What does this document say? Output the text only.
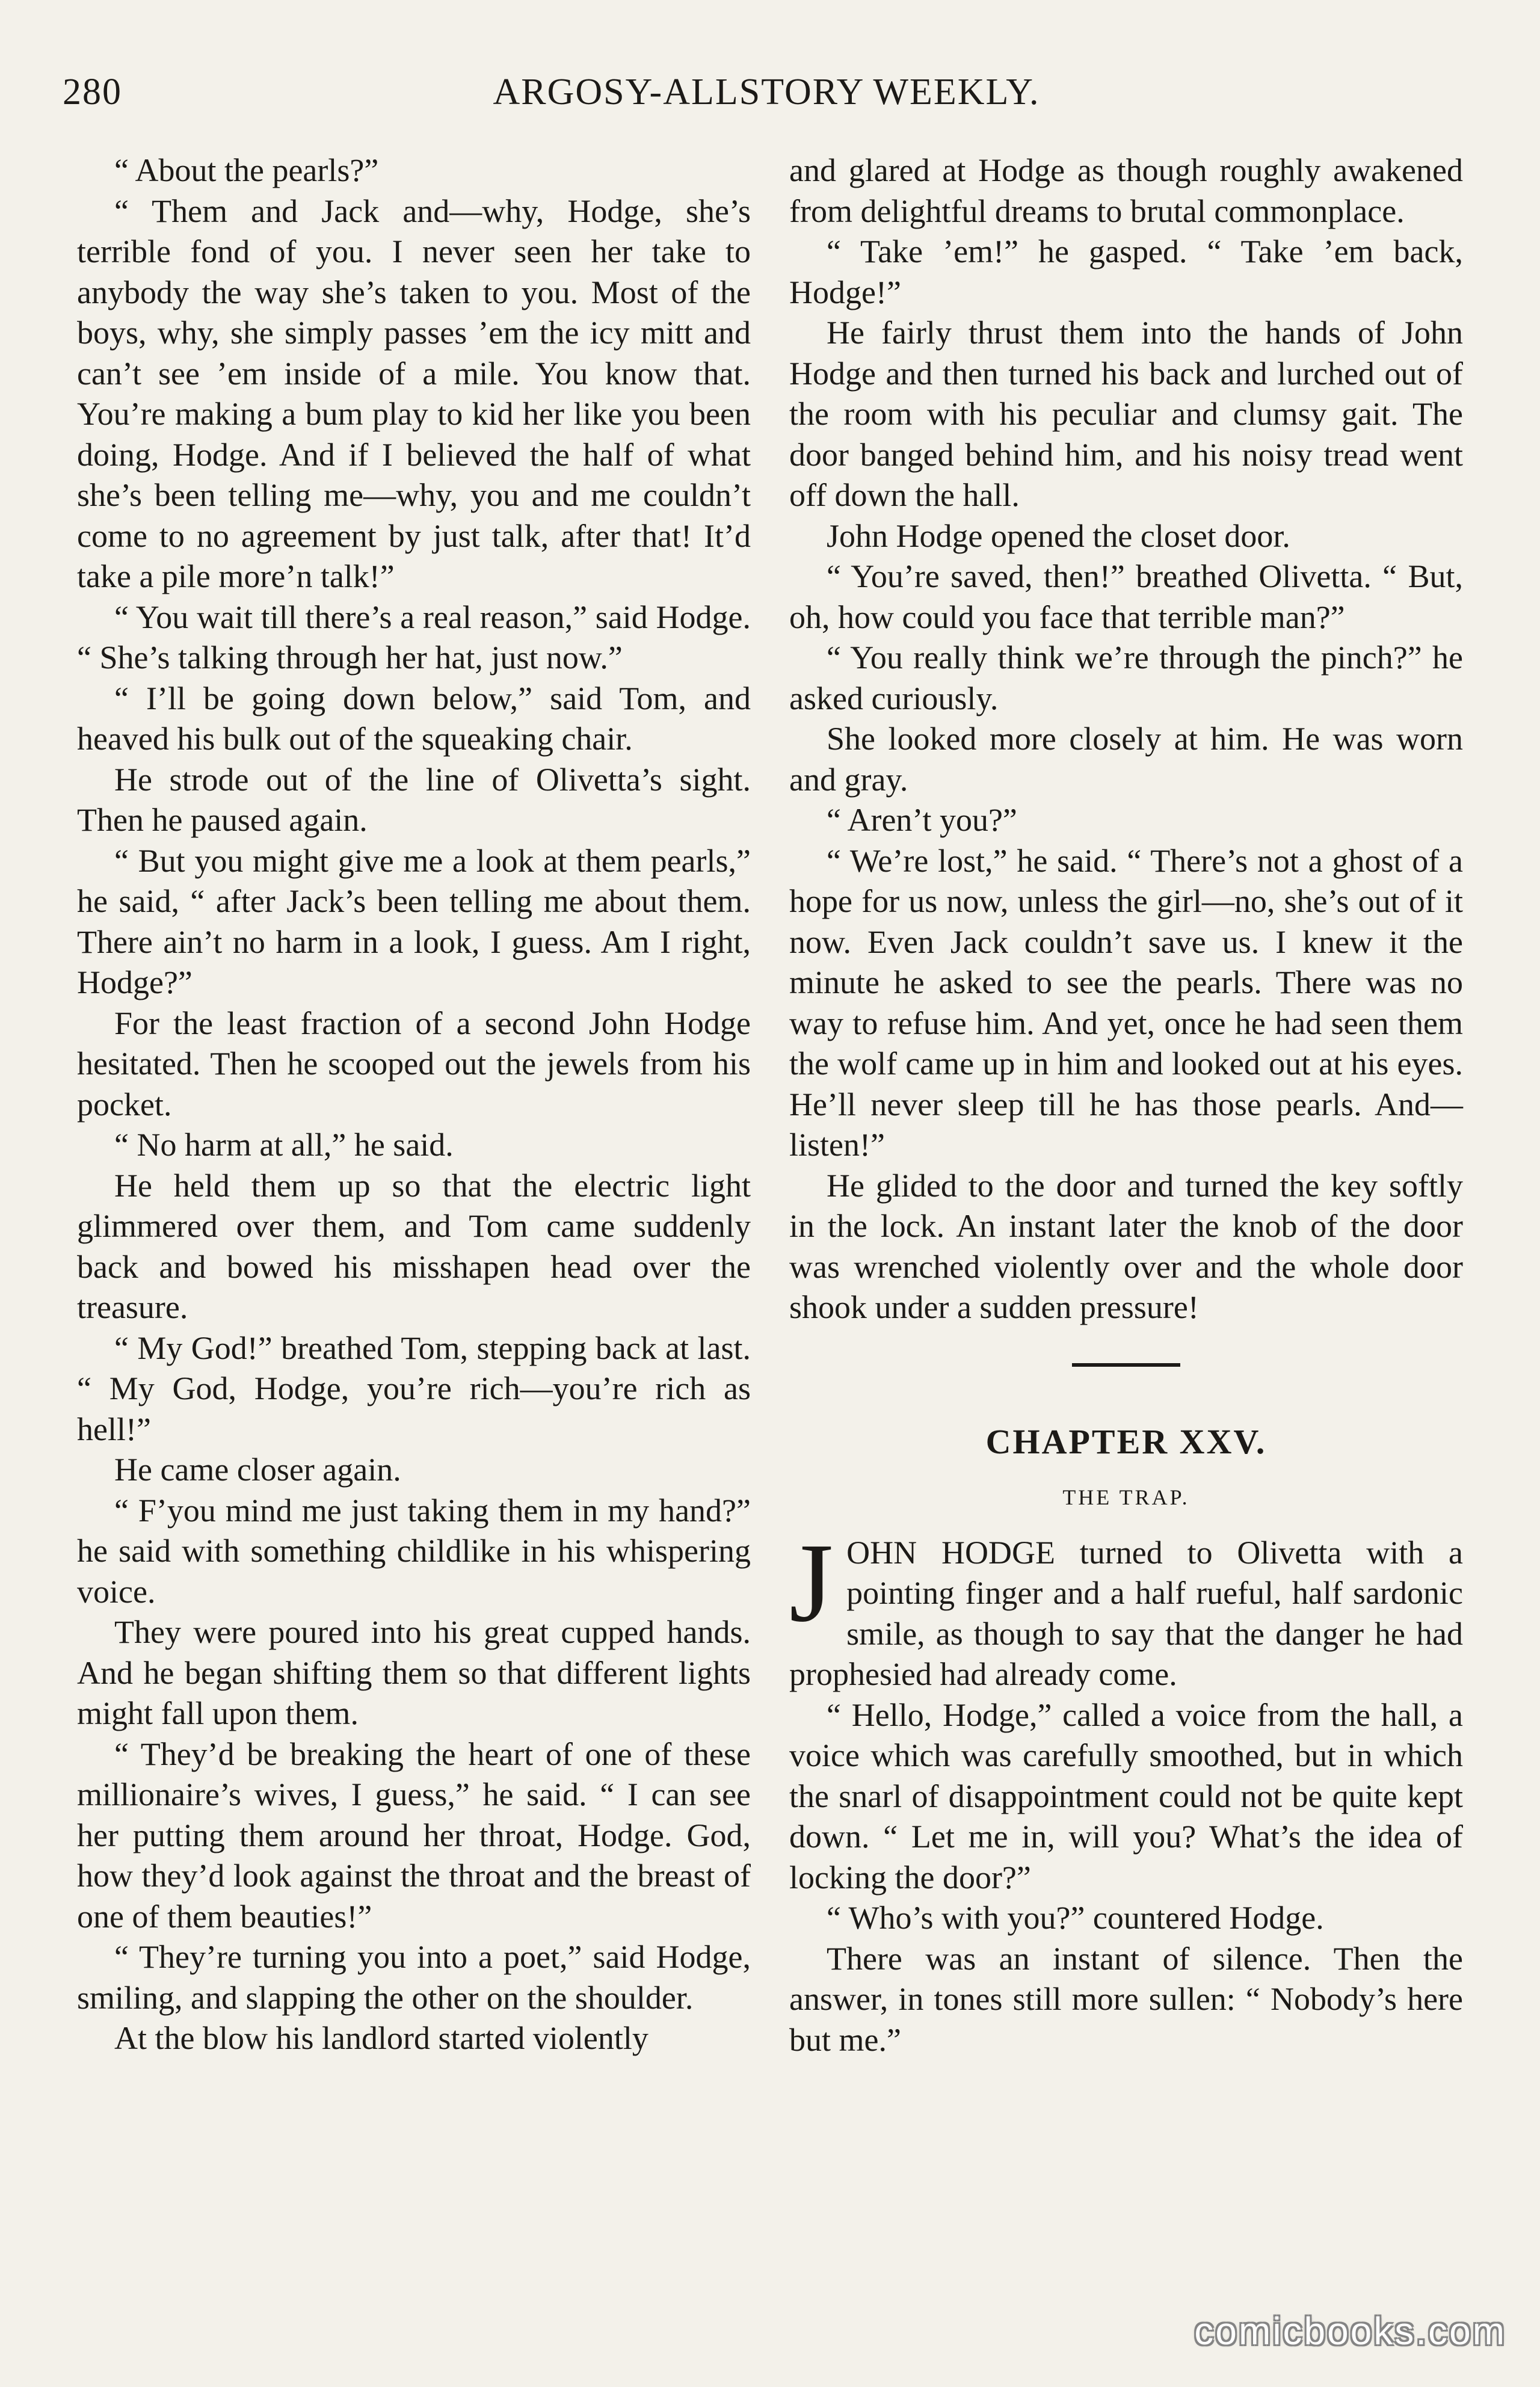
280	ARGOSY-ALLSTORY WEEKLY.

“ About the pearls?”

“ Them and Jack and—why, Hodge, she’s terrible fond of you. I never seen her take to anybody the way she’s taken to you. Most of the boys, why, she simply passes ’em the icy mitt and can’t see ’em inside of a mile. You know that. You’re making a bum play to kid her like you been doing, Hodge. And if I believed the half of what she’s been telling me—why, you and me couldn’t come to no agreement by just talk, after that! It’d take a pile more’n talk!”

“ You wait till there’s a real reason,” said Hodge. “ She’s talking through her hat, just now.”

“ I’ll be going down below,” said Tom, and heaved his bulk out of the squeaking chair.

He strode out of the line of Olivetta’s sight. Then he paused again.

“ But you might give me a look at them pearls,” he said, “ after Jack’s been telling me about them. There ain’t no harm in a look, I guess. Am I right, Hodge?”

For the least fraction of a second John Hodge hesitated. Then he scooped out the jewels from his pocket.

“ No harm at all,” he said.

He held them up so that the electric light glimmered over them, and Tom came suddenly back and bowed his misshapen head over the treasure.

“ My God!” breathed Tom, stepping back at last. “ My God, Hodge, you’re rich—you’re rich as hell!”

He came closer again.

“ F’you mind me just taking them in my hand?” he said with something childlike in his whispering voice.

They were poured into his great cupped hands. And he began shifting them so that different lights might fall upon them.

“ They’d be breaking the heart of one of these millionaire’s wives, I guess,” he said. “ I can see her putting them around her throat, Hodge. God, how they’d look against the throat and the breast of one of them beauties!”

“ They’re turning you into a poet,” said Hodge, smiling, and slapping the other on the shoulder.

At the blow his landlord started violently

and glared at Hodge as though roughly awakened from delightful dreams to brutal commonplace.

“ Take ’em!” he gasped. “ Take ’em back, Hodge!”

He fairly thrust them into the hands of John Hodge and then turned his back and lurched out of the room with his peculiar and clumsy gait. The door banged behind him, and his noisy tread went off down the hall.

John Hodge opened the closet door.

“ You’re saved, then!” breathed Olivetta. “ But, oh, how could you face that terrible man?”

“ You really think we’re through the pinch?” he asked curiously.

She looked more closely at him. He was worn and gray.

“ Aren’t you?”

“ We’re lost,” he said. “ There’s not a ghost of a hope for us now, unless the girl—no, she’s out of it now. Even Jack couldn’t save us. I knew it the minute he asked to see the pearls. There was no way to refuse him. And yet, once he had seen them the wolf came up in him and looked out at his eyes. He’ll never sleep till he has those pearls. And—listen!”

He glided to the door and turned the key softly in the lock. An instant later the knob of the door was wrenched violently over and the whole door shook under a sudden pressure!

CHAPTER XXV.
THE TRAP.

JOHN HODGE turned to Olivetta with a pointing finger and a half rueful, half sardonic smile, as though to say that the danger he had prophesied had already come.

“ Hello, Hodge,” called a voice from the hall, a voice which was carefully smoothed, but in which the snarl of disappointment could not be quite kept down. “ Let me in, will you? What’s the idea of locking the door?”

“ Who’s with you?” countered Hodge.

There was an instant of silence. Then the answer, in tones still more sullen: “ Nobody’s here but me.”

comicbooks.com
